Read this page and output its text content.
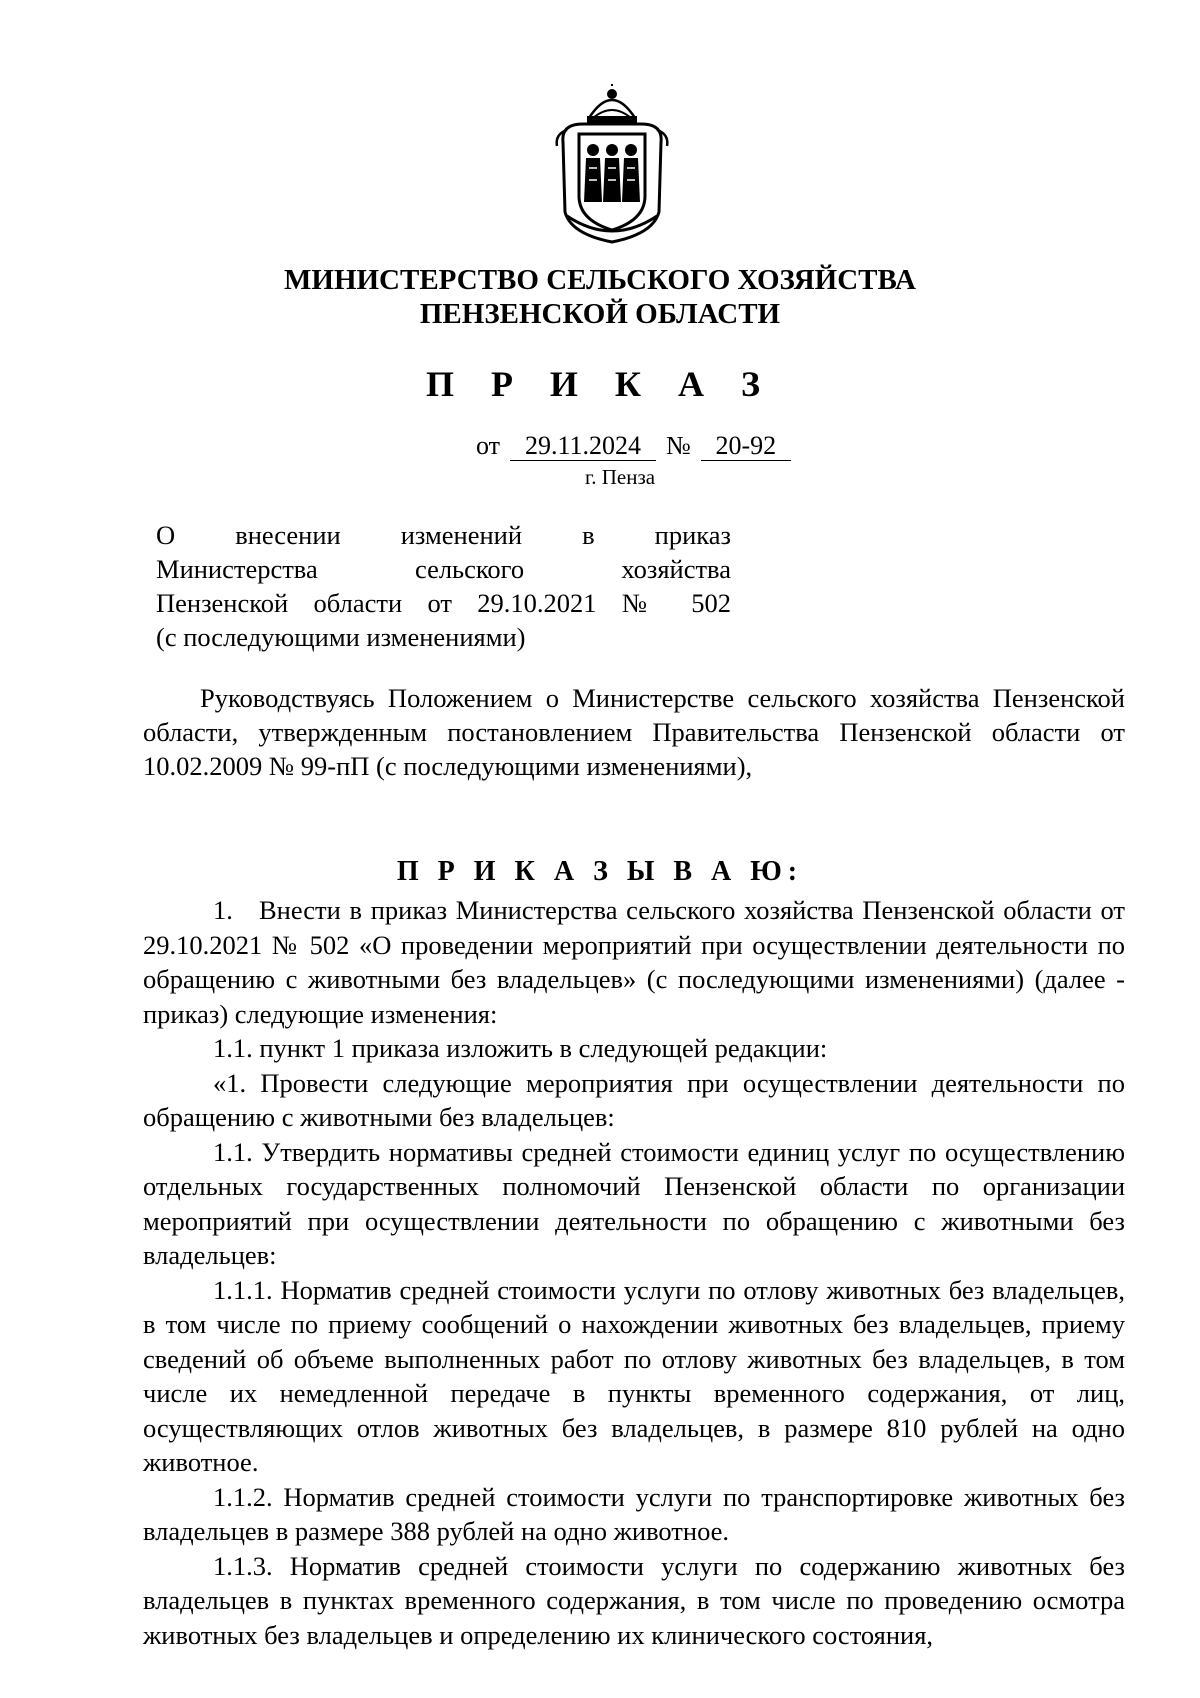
МИНИСТЕРСТВО СЕЛЬСКОГО ХОЗЯЙСТВА
ПЕНЗЕНСКОЙ ОБЛАСТИ
П Р И К А З
от 29.11.2024 № 20-92
г. Пенза
О внесении изменений в приказ
Министерства сельского хозяйства
Пензенской области от 29.10.2021 № 502
(с последующими изменениями)

Руководствуясь Положением о Министерстве сельского хозяйства Пензенской области, утвержденным постановлением Правительства Пензенской области от 10.02.2009 № 99-пП (с последующими изменениями),

П Р И К А З Ы В А Ю:

1. Внести в приказ Министерства сельского хозяйства Пензенской области от 29.10.2021 № 502 «О проведении мероприятий при осуществлении деятельности по обращению с животными без владельцев» (с последующими изменениями) (далее - приказ) следующие изменения:

1.1. пункт 1 приказа изложить в следующей редакции:

«1. Провести следующие мероприятия при осуществлении деятельности по обращению с животными без владельцев:

1.1. Утвердить нормативы средней стоимости единиц услуг по осуществлению отдельных государственных полномочий Пензенской области по организации мероприятий при осуществлении деятельности по обращению с животными без владельцев:

1.1.1. Норматив средней стоимости услуги по отлову животных без владельцев, в том числе по приему сообщений о нахождении животных без владельцев, приему сведений об объеме выполненных работ по отлову животных без владельцев, в том числе их немедленной передаче в пункты временного содержания, от лиц, осуществляющих отлов животных без владельцев, в размере 810 рублей на одно животное.

1.1.2. Норматив средней стоимости услуги по транспортировке животных без владельцев в размере 388 рублей на одно животное.

1.1.3. Норматив средней стоимости услуги по содержанию животных без владельцев в пунктах временного содержания, в том числе по проведению осмотра животных без владельцев и определению их клинического состояния,
